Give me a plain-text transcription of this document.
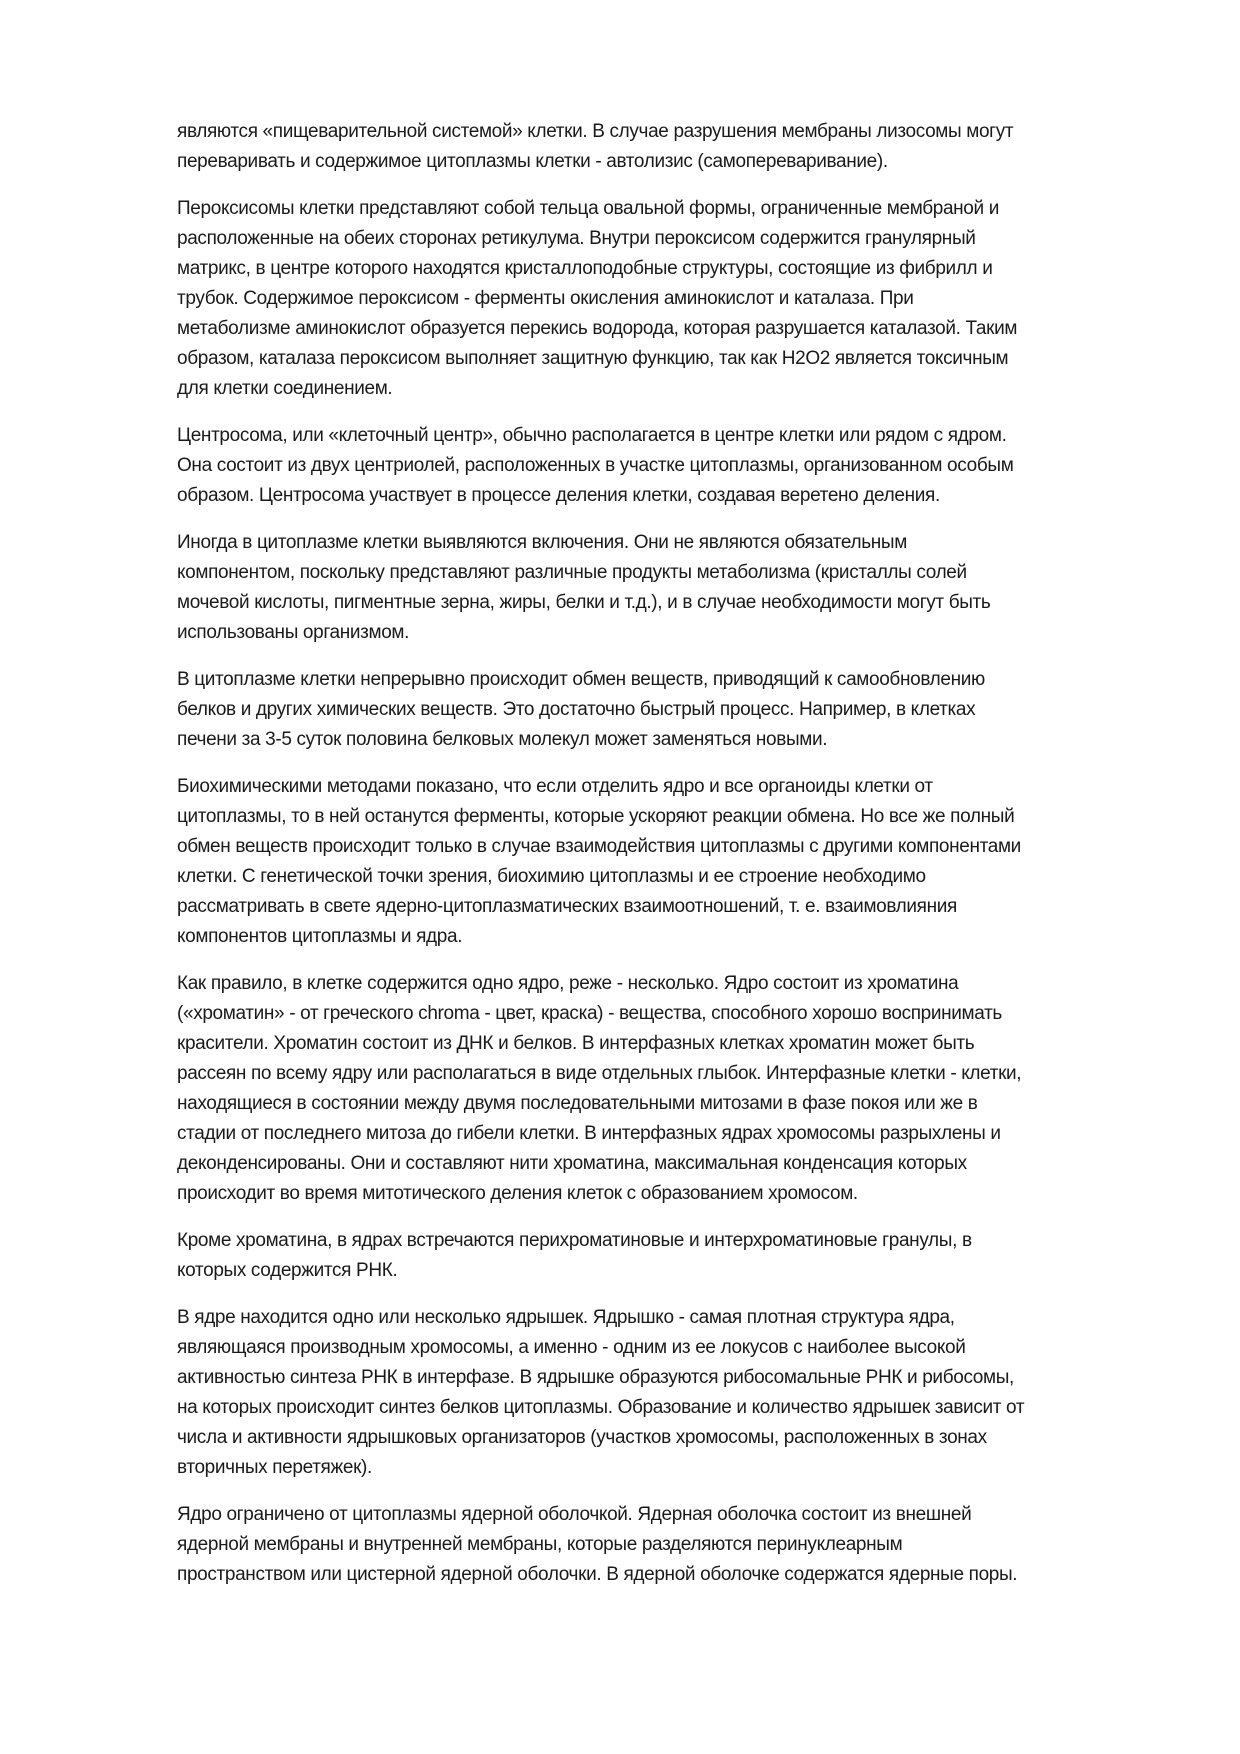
являются «пищеварительной системой» клетки. В случае разрушения мембраны лизосомы могут
переваривать и содержимое цитоплазмы клетки - автолизис (самопереваривание).
Пероксисомы клетки представляют собой тельца овальной формы, ограниченные мембраной и
расположенные на обеих сторонах ретикулума. Внутри пероксисом содержится гранулярный
матрикс, в центре которого находятся кристаллоподобные структуры, состоящие из фибрилл и
трубок. Содержимое пероксисом - ферменты окисления аминокислот и каталаза. При
метаболизме аминокислот образуется перекись водорода, которая разрушается каталазой. Таким
образом, каталаза пероксисом выполняет защитную функцию, так как H2O2 является токсичным
для клетки соединением.
Центросома, или «клеточный центр», обычно располагается в центре клетки или рядом с ядром.
Она состоит из двух центриолей, расположенных в участке цитоплазмы, организованном особым
образом. Центросома участвует в процессе деления клетки, создавая веретено деления.
Иногда в цитоплазме клетки выявляются включения. Они не являются обязательным
компонентом, поскольку представляют различные продукты метаболизма (кристаллы солей
мочевой кислоты, пигментные зерна, жиры, белки и т.д.), и в случае необходимости могут быть
использованы организмом.
В цитоплазме клетки непрерывно происходит обмен веществ, приводящий к самообновлению
белков и других химических веществ. Это достаточно быстрый процесс. Например, в клетках
печени за 3-5 суток половина белковых молекул может заменяться новыми.
Биохимическими методами показано, что если отделить ядро и все органоиды клетки от
цитоплазмы, то в ней останутся ферменты, которые ускоряют реакции обмена. Но все же полный
обмен веществ происходит только в случае взаимодействия цитоплазмы с другими компонентами
клетки. С генетической точки зрения, биохимию цитоплазмы и ее строение необходимо
рассматривать в свете ядерно-цитоплазматических взаимоотношений, т. е. взаимовлияния
компонентов цитоплазмы и ядра.
Как правило, в клетке содержится одно ядро, реже - несколько. Ядро состоит из хроматина
(«хроматин» - от греческого chroma - цвет, краска) - вещества, способного хорошо воспринимать
красители. Хроматин состоит из ДНК и белков. В интерфазных клетках хроматин может быть
рассеян по всему ядру или располагаться в виде отдельных глыбок. Интерфазные клетки - клетки,
находящиеся в состоянии между двумя последовательными митозами в фазе покоя или же в
стадии от последнего митоза до гибели клетки. В интерфазных ядрах хромосомы разрыхлены и
деконденсированы. Они и составляют нити хроматина, максимальная конденсация которых
происходит во время митотического деления клеток с образованием хромосом.
Кроме хроматина, в ядрах встречаются перихроматиновые и интерхроматиновые гранулы, в
которых содержится РНК.
В ядре находится одно или несколько ядрышек. Ядрышко - самая плотная структура ядра,
являющаяся производным хромосомы, а именно - одним из ее локусов с наиболее высокой
активностью синтеза РНК в интерфазе. В ядрышке образуются рибосомальные РНК и рибосомы,
на которых происходит синтез белков цитоплазмы. Образование и количество ядрышек зависит от
числа и активности ядрышковых организаторов (участков хромосомы, расположенных в зонах
вторичных перетяжек).
Ядро ограничено от цитоплазмы ядерной оболочкой. Ядерная оболочка состоит из внешней
ядерной мембраны и внутренней мембраны, которые разделяются перинуклеарным
пространством или цистерной ядерной оболочки. В ядерной оболочке содержатся ядерные поры.
